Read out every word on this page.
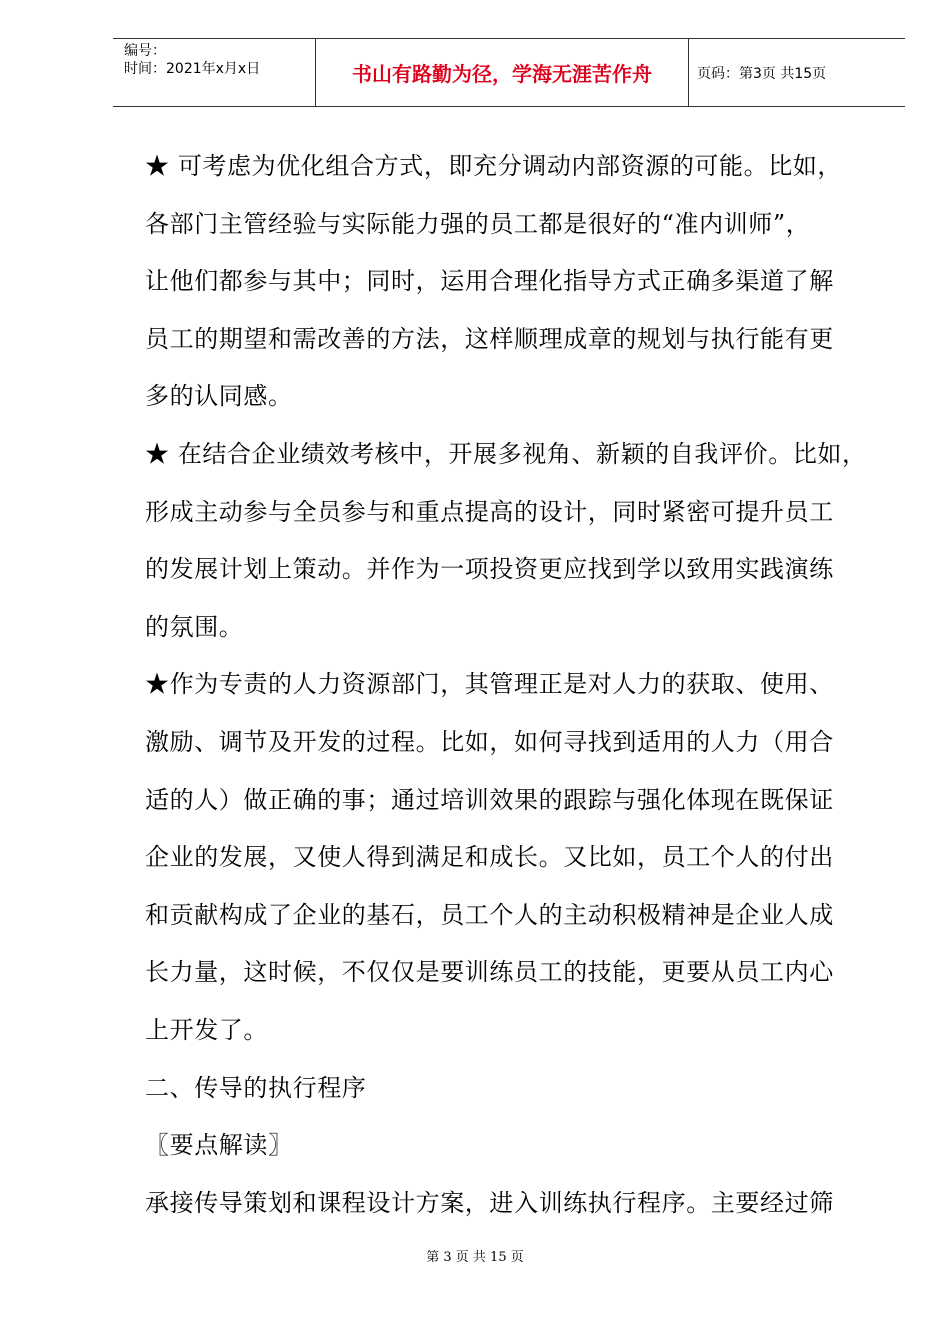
编号：
时间：2021年x月x日	书山有路勤为径，学海无涯苦作舟	页码：第3页 共15页
★ 可考虑为优化组合方式，即充分调动内部资源的可能。比如，
各部门主管经验与实际能力强的员工都是很好的“准内训师”，
让他们都参与其中；同时，运用合理化指导方式正确多渠道了解
员工的期望和需改善的方法，这样顺理成章的规划与执行能有更
多的认同感。
★ 在结合企业绩效考核中，开展多视角、新颖的自我评价。比如，
形成主动参与全员参与和重点提高的设计，同时紧密可提升员工
的发展计划上策动。并作为一项投资更应找到学以致用实践演练
的氛围。
★作为专责的人力资源部门，其管理正是对人力的获取、使用、
激励、调节及开发的过程。比如，如何寻找到适用的人力（用合
适的人）做正确的事；通过培训效果的跟踪与强化体现在既保证
企业的发展，又使人得到满足和成长。又比如，员工个人的付出
和贡献构成了企业的基石，员工个人的主动积极精神是企业人成
长力量，这时候，不仅仅是要训练员工的技能，更要从员工内心
上开发了。
二、传导的执行程序
〖要点解读〗
承接传导策划和课程设计方案，进入训练执行程序。主要经过筛
第 3 页 共 15 页
